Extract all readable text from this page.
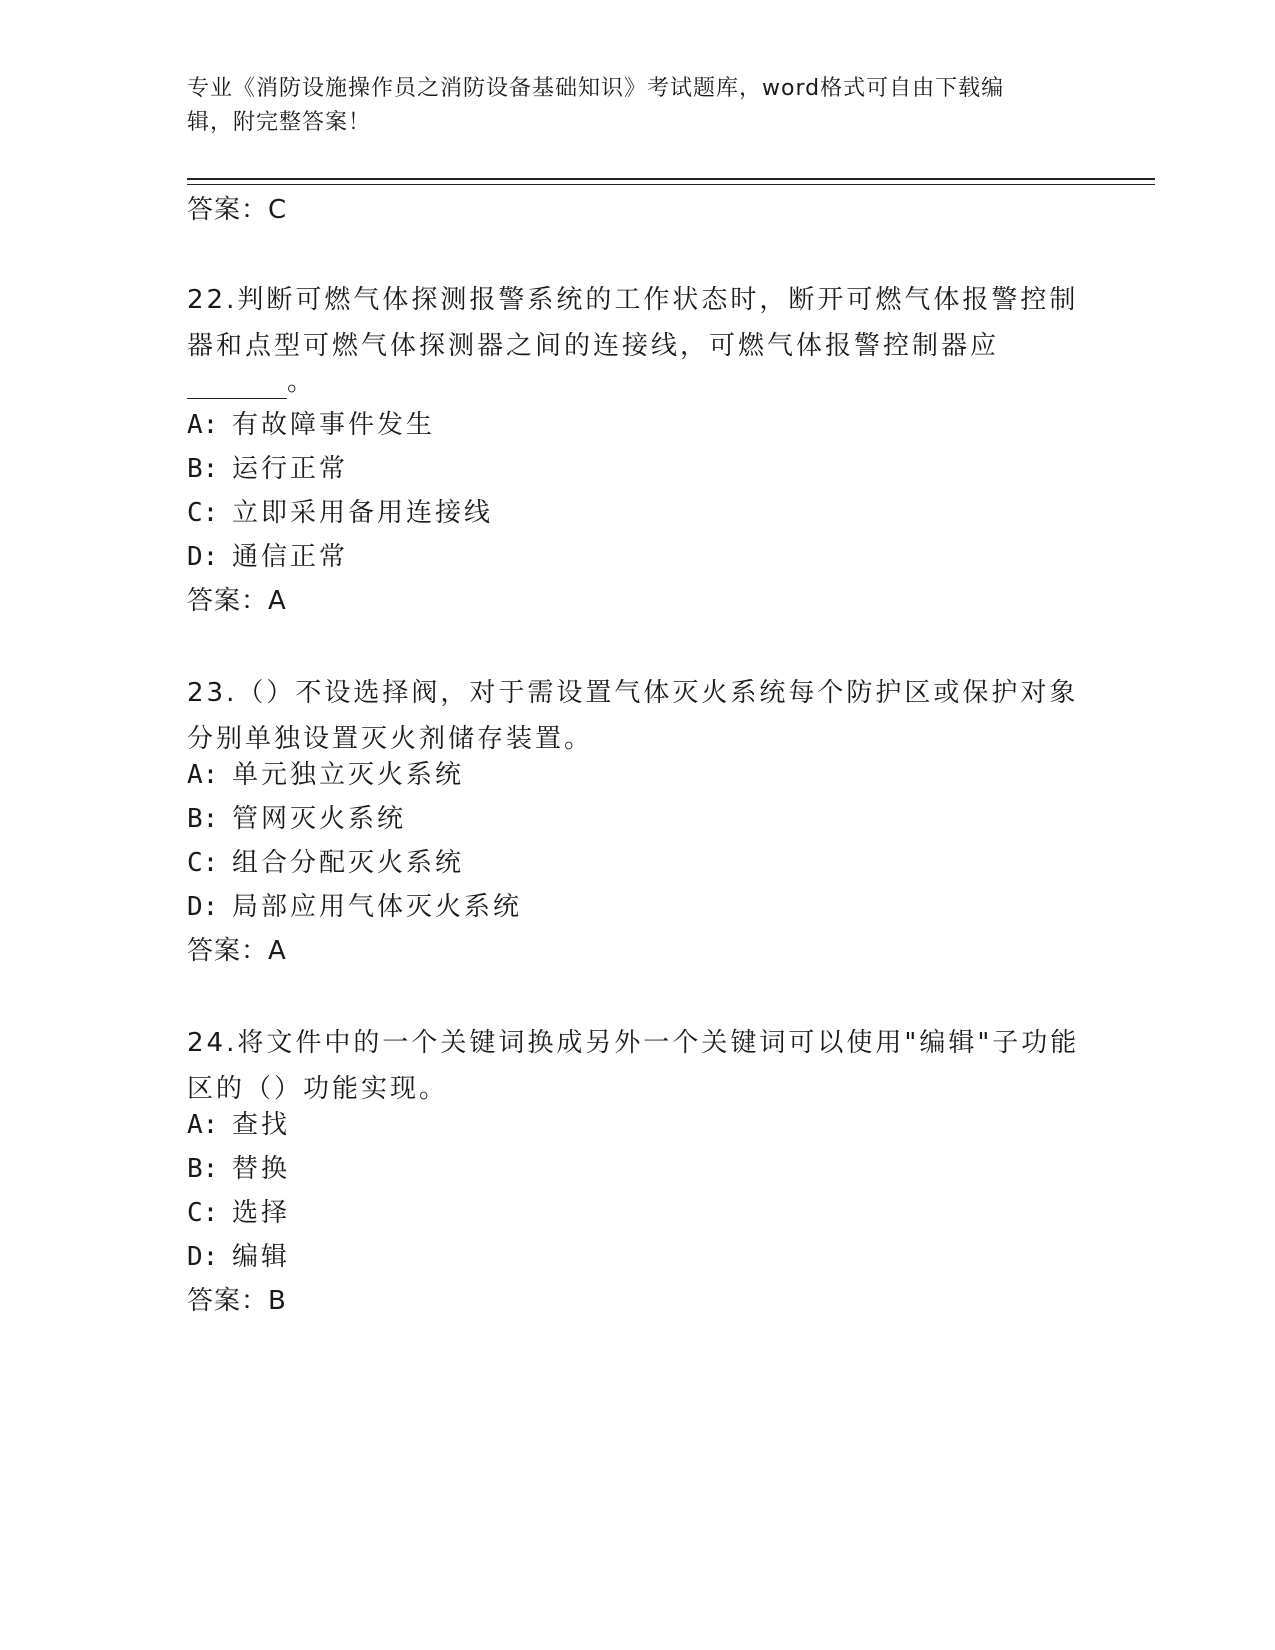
专业《消防设施操作员之消防设备基础知识》考试题库，word格式可自由下载编
辑，附完整答案！
答案：C
22.判断可燃气体探测报警系统的工作状态时，断开可燃气体报警控制
器和点型可燃气体探测器之间的连接线，可燃气体报警控制器应
。
A: 有故障事件发生
B: 运行正常
C: 立即采用备用连接线
D: 通信正常
答案：A
23.（）不设选择阀，对于需设置气体灭火系统每个防护区或保护对象
分别单独设置灭火剂储存装置。
A: 单元独立灭火系统
B: 管网灭火系统
C: 组合分配灭火系统
D: 局部应用气体灭火系统
答案：A
24.将文件中的一个关键词换成另外一个关键词可以使用"编辑"子功能
区的（）功能实现。
A: 查找
B: 替换
C: 选择
D: 编辑
答案：B
